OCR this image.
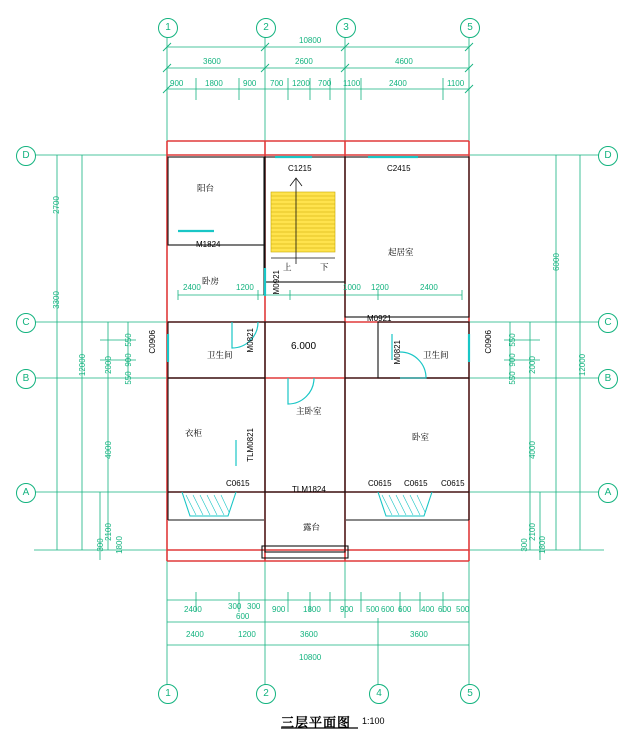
1	2	3	5
1	2	4	5
D
C
B
A
D
C
B
A
10800
3600	2600	4600
900	1800	900 700 1200 700 1100	2400	1100
2700
3300
12000 2000
4000
2100
550
900
550
300 1800
6000
12000
2000
4000
2100
550
900
550
300 1800
2400	1200	1000 1200	2400
2400	300 300
600
900 1800 900 500 600 600 400 600 500
2400	1200	3600	3600
10800
阳台
起居室
卧房
卫生间	卫生间
衣柜
主卧室
卧室
露台
6.000
上	下
C1215	C2415
M1824
M0921
M0921
C0906	M0821	M0821	C0906
TLM0821
C0615
TLM1824
C0615 C0615 C0615
三层平面图 1:100
